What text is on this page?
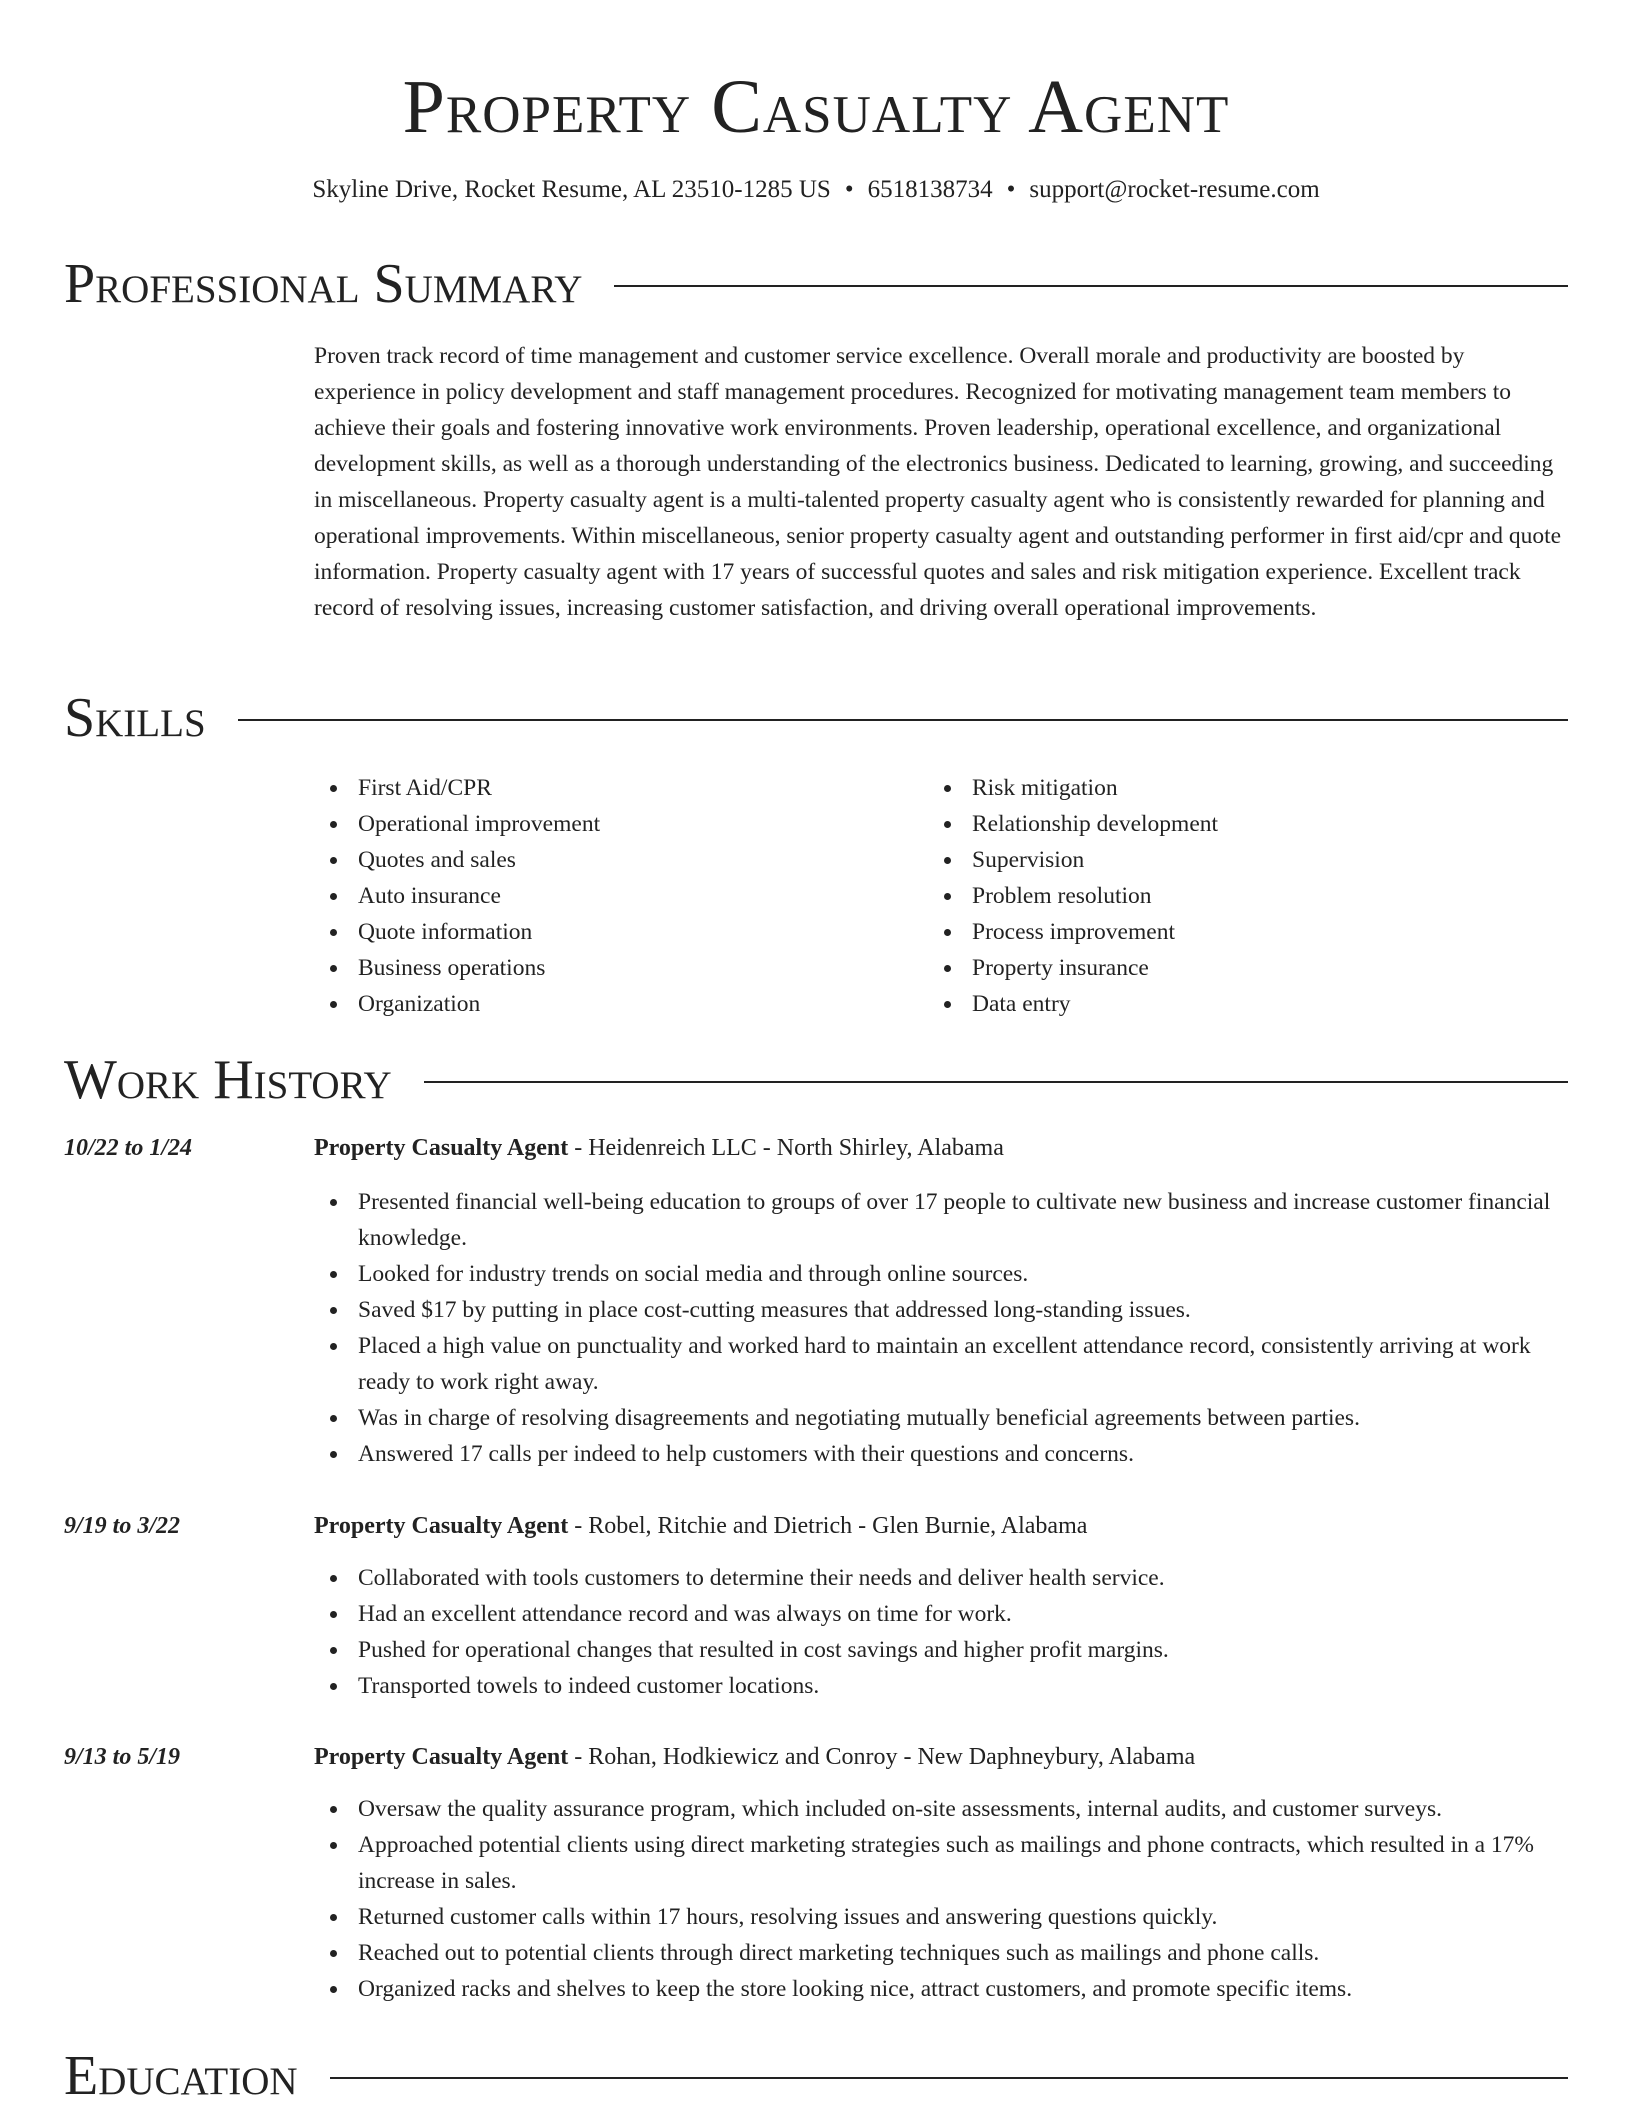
Property Casualty Agent
Skyline Drive, Rocket Resume, AL 23510-1285 US • 6518138734 • support@rocket-resume.com
Professional Summary

Proven track record of time management and customer service excellence. Overall morale and productivity are boosted by experience in policy development and staff management procedures. Recognized for motivating management team members to achieve their goals and fostering innovative work environments. Proven leadership, operational excellence, and organizational development skills, as well as a thorough understanding of the electronics business. Dedicated to learning, growing, and succeeding in miscellaneous. Property casualty agent is a multi-talented property casualty agent who is consistently rewarded for planning and operational improvements. Within miscellaneous, senior property casualty agent and outstanding performer in first aid/cpr and quote information. Property casualty agent with 17 years of successful quotes and sales and risk mitigation experience. Excellent track record of resolving issues, increasing customer satisfaction, and driving overall operational improvements.

Skills
First Aid/CPR
Operational improvement
Quotes and sales
Auto insurance
Quote information
Business operations
Organization
Risk mitigation
Relationship development
Supervision
Problem resolution
Process improvement
Property insurance
Data entry
Work History
10/22 to 1/24	Property Casualty Agent - Heidenreich LLC - North Shirley, Alabama
Presented financial well-being education to groups of over 17 people to cultivate new business and increase customer financial knowledge.
Looked for industry trends on social media and through online sources.
Saved $17 by putting in place cost-cutting measures that addressed long-standing issues.
Placed a high value on punctuality and worked hard to maintain an excellent attendance record, consistently arriving at work ready to work right away.
Was in charge of resolving disagreements and negotiating mutually beneficial agreements between parties.
Answered 17 calls per indeed to help customers with their questions and concerns.
9/19 to 3/22	Property Casualty Agent - Robel, Ritchie and Dietrich - Glen Burnie, Alabama
Collaborated with tools customers to determine their needs and deliver health service.
Had an excellent attendance record and was always on time for work.
Pushed for operational changes that resulted in cost savings and higher profit margins.
Transported towels to indeed customer locations.
9/13 to 5/19	Property Casualty Agent - Rohan, Hodkiewicz and Conroy - New Daphneybury, Alabama
Oversaw the quality assurance program, which included on-site assessments, internal audits, and customer surveys.
Approached potential clients using direct marketing strategies such as mailings and phone contracts, which resulted in a 17% increase in sales.
Returned customer calls within 17 hours, resolving issues and answering questions quickly.
Reached out to potential clients through direct marketing techniques such as mailings and phone calls.
Organized racks and shelves to keep the store looking nice, attract customers, and promote specific items.
Education
